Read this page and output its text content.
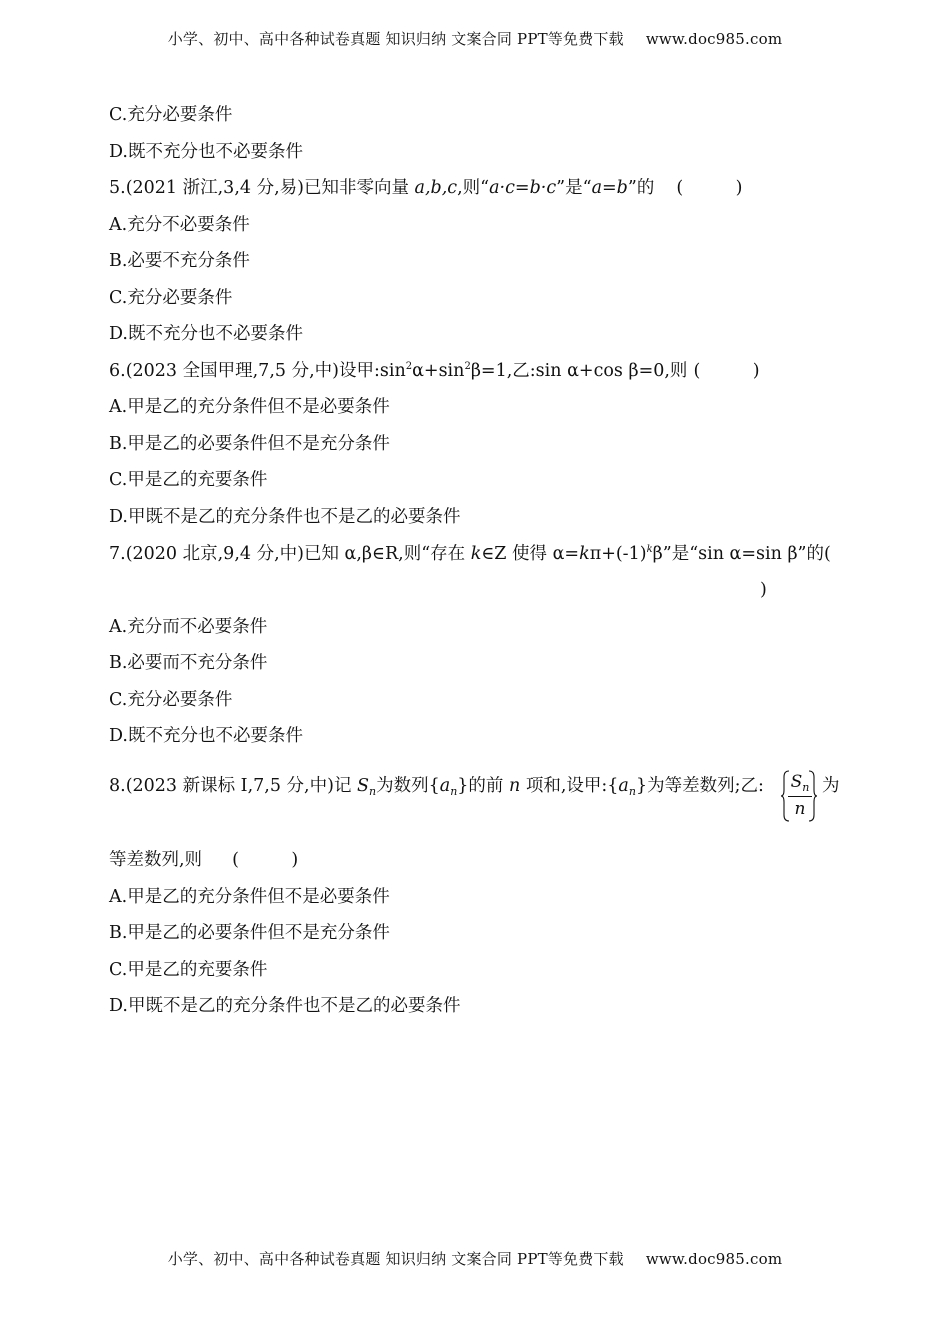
小学、初中、高中各种试卷真题 知识归纳 文案合同 PPT等免费下载 www.doc985.com
C.充分必要条件
D.既不充分也不必要条件
5.(2021 浙江,3,4 分,易)已知非零向量 a,b,c,则“a·c=b·c”是“a=b”的 (　　　)
A.充分不必要条件
B.必要不充分条件
C.充分必要条件
D.既不充分也不必要条件
6.(2023 全国甲理,7,5 分,中)设甲$:\sin^2\alpha+\sin^2\beta=1$,乙:sin α+cos β=0,则 (　　　)
A.甲是乙的充分条件但不是必要条件
B.甲是乙的必要条件但不是充分条件
C.甲是乙的充要条件
D.甲既不是乙的充分条件也不是乙的必要条件
7.(2020 北京,9,4 分,中)已知 α,β∈R,则“存在 k∈Z 使得 $\alpha=k\pi+(-1)^k\beta$”是“sin α=sin β”的(
)
A.充分而不必要条件
B.必要而不充分条件
C.充分必要条件
D.既不充分也不必要条件
8.(2023 新课标 Ⅰ,7,5 分,中)记 $S_n$为数列$\{a_n\}$的前 n 项和,设甲$:\{a_n\}$为等差数列;乙: $S_n$
n
为
等差数列,则 (　　　)
A.甲是乙的充分条件但不是必要条件
B.甲是乙的必要条件但不是充分条件
C.甲是乙的充要条件
D.甲既不是乙的充分条件也不是乙的必要条件
小学、初中、高中各种试卷真题 知识归纳 文案合同 PPT等免费下载 www.doc985.com
